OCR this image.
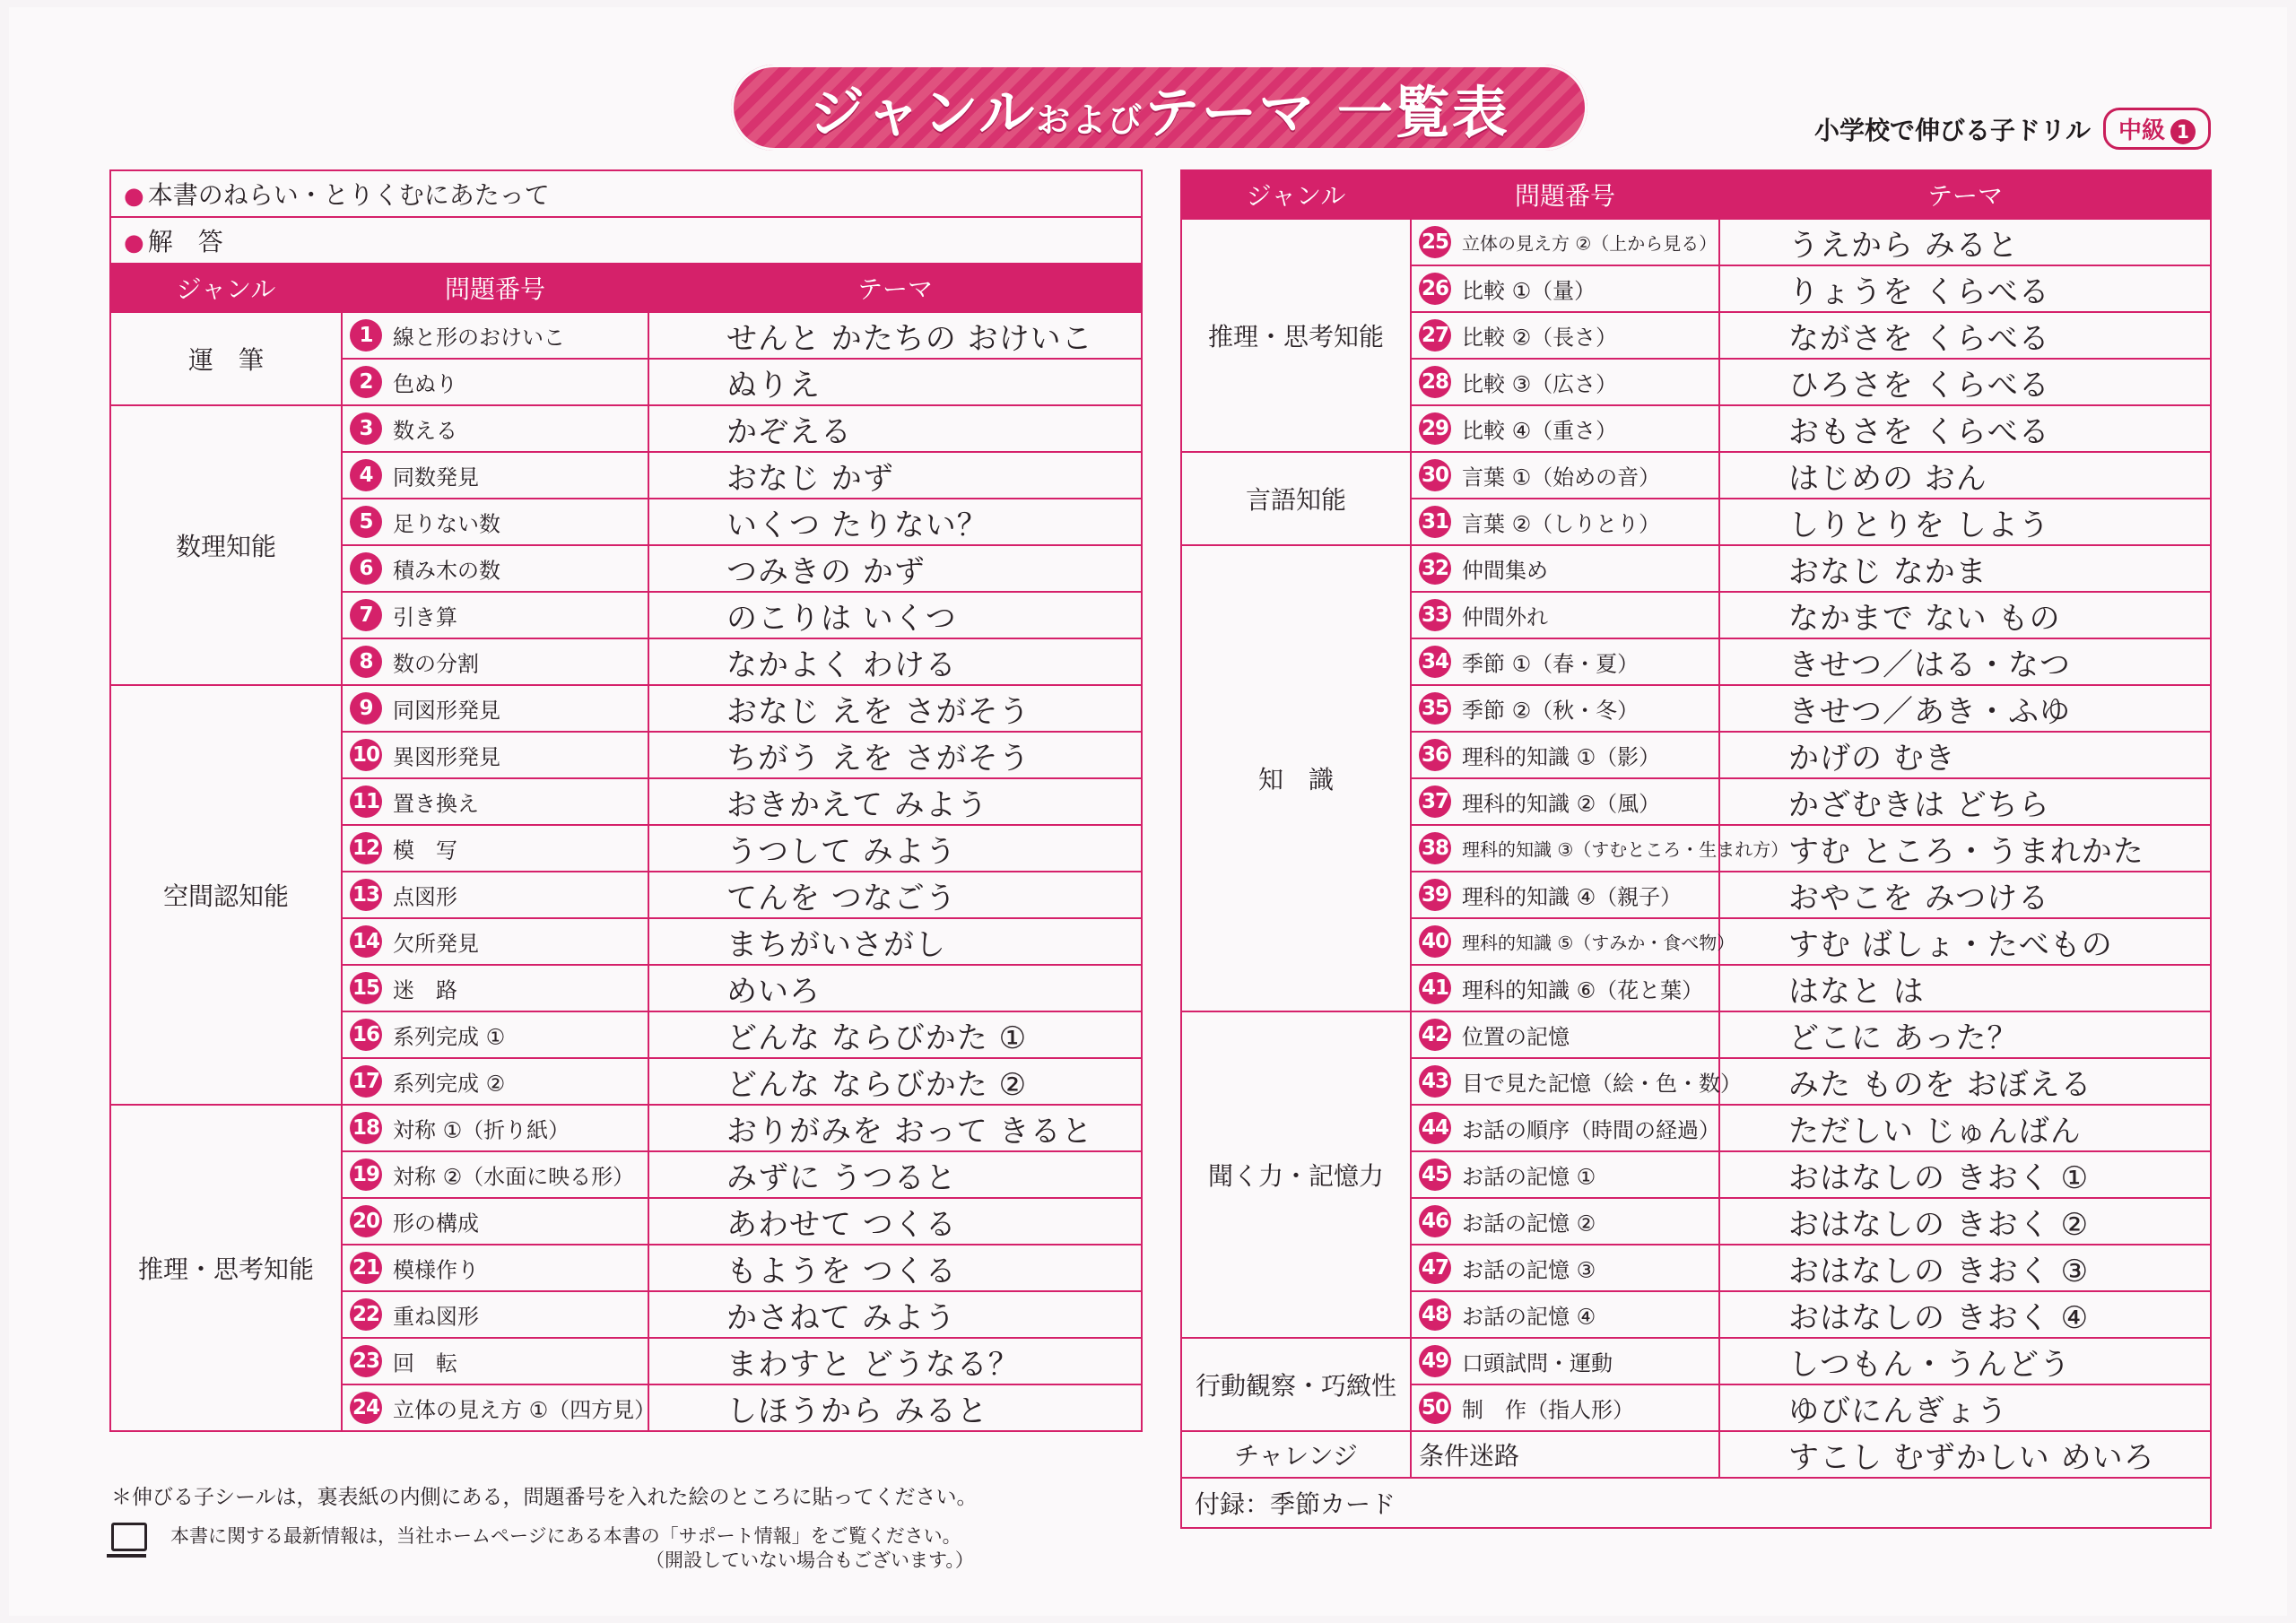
ジャンルおよびテーマ 一覧表	小学校で伸びる子ドリル	中級 1
● 本書のねらい・とりくむにあたって		
● 解　答		
ジャンル	問題番号	テーマ
運　筆	1 線と形のおけいこ	せんと かたちの おけいこ
	2 色ぬり	ぬりえ
数理知能	3 数える	かぞえる
	4 同数発見	おなじ かず
	5 足りない数	いくつ たりない？
	6 積み木の数	つみきの かず
	7 引き算	のこりは いくつ
	8 数の分割	なかよく わける
空間認知能	9 同図形発見	おなじ えを さがそう
	10 異図形発見	ちがう えを さがそう
	11 置き換え	おきかえて みよう
	12 模　写	うつして みよう
	13 点図形	てんを つなごう
	14 欠所発見	まちがいさがし
	15 迷　路	めいろ
	16 系列完成 ①	どんな ならびかた ①
	17 系列完成 ②	どんな ならびかた ②
推理・思考知能	18 対称 ①（折り紙）	おりがみを おって きると
	19 対称 ②（水面に映る形）	みずに うつると
	20 形の構成	あわせて つくる
	21 模様作り	もようを つくる
	22 重ね図形	かさねて みよう
	23 回　転	まわすと どうなる？
	24 立体の見え方 ①（四方見）	しほうから みると
ジャンル	問題番号	テーマ
推理・思考知能	25 立体の見え方 ②（上から見る）	うえから みると
	26 比較 ①（量）	りょうを くらべる
	27 比較 ②（長さ）	ながさを くらべる
	28 比較 ③（広さ）	ひろさを くらべる
	29 比較 ④（重さ）	おもさを くらべる
言語知能	30 言葉 ①（始めの音）	はじめの おん
	31 言葉 ②（しりとり）	しりとりを しよう
知　識	32 仲間集め	おなじ なかま
	33 仲間外れ	なかまで ない もの
	34 季節 ①（春・夏）	きせつ／はる・なつ
	35 季節 ②（秋・冬）	きせつ／あき・ふゆ
	36 理科的知識 ①（影）	かげの むき
	37 理科的知識 ②（風）	かざむきは どちら
	38 理科的知識 ③（すむところ・生まれ方）	すむ ところ・うまれかた
	39 理科的知識 ④（親子）	おやこを みつける
	40 理科的知識 ⑤（すみか・食べ物）	すむ ばしょ・たべもの
	41 理科的知識 ⑥（花と葉）	はなと は
聞く力・記憶力	42 位置の記憶	どこに あった？
	43 目で見た記憶（絵・色・数）	みた ものを おぼえる
	44 お話の順序（時間の経過）	ただしい じゅんばん
	45 お話の記憶 ①	おはなしの きおく ①
	46 お話の記憶 ②	おはなしの きおく ②
	47 お話の記憶 ③	おはなしの きおく ③
	48 お話の記憶 ④	おはなしの きおく ④
行動観察・巧緻性	49 口頭試問・運動	しつもん・うんどう
	50 制　作（指人形）	ゆびにんぎょう
チャレンジ	条件迷路	すこし むずかしい めいろ
付録：季節カード		
＊伸びる子シールは，裏表紙の内側にある，問題番号を入れた絵のところに貼ってください。
本書に関する最新情報は，当社ホームページにある本書の「サポート情報」をご覧ください。
（開設していない場合もございます。）
